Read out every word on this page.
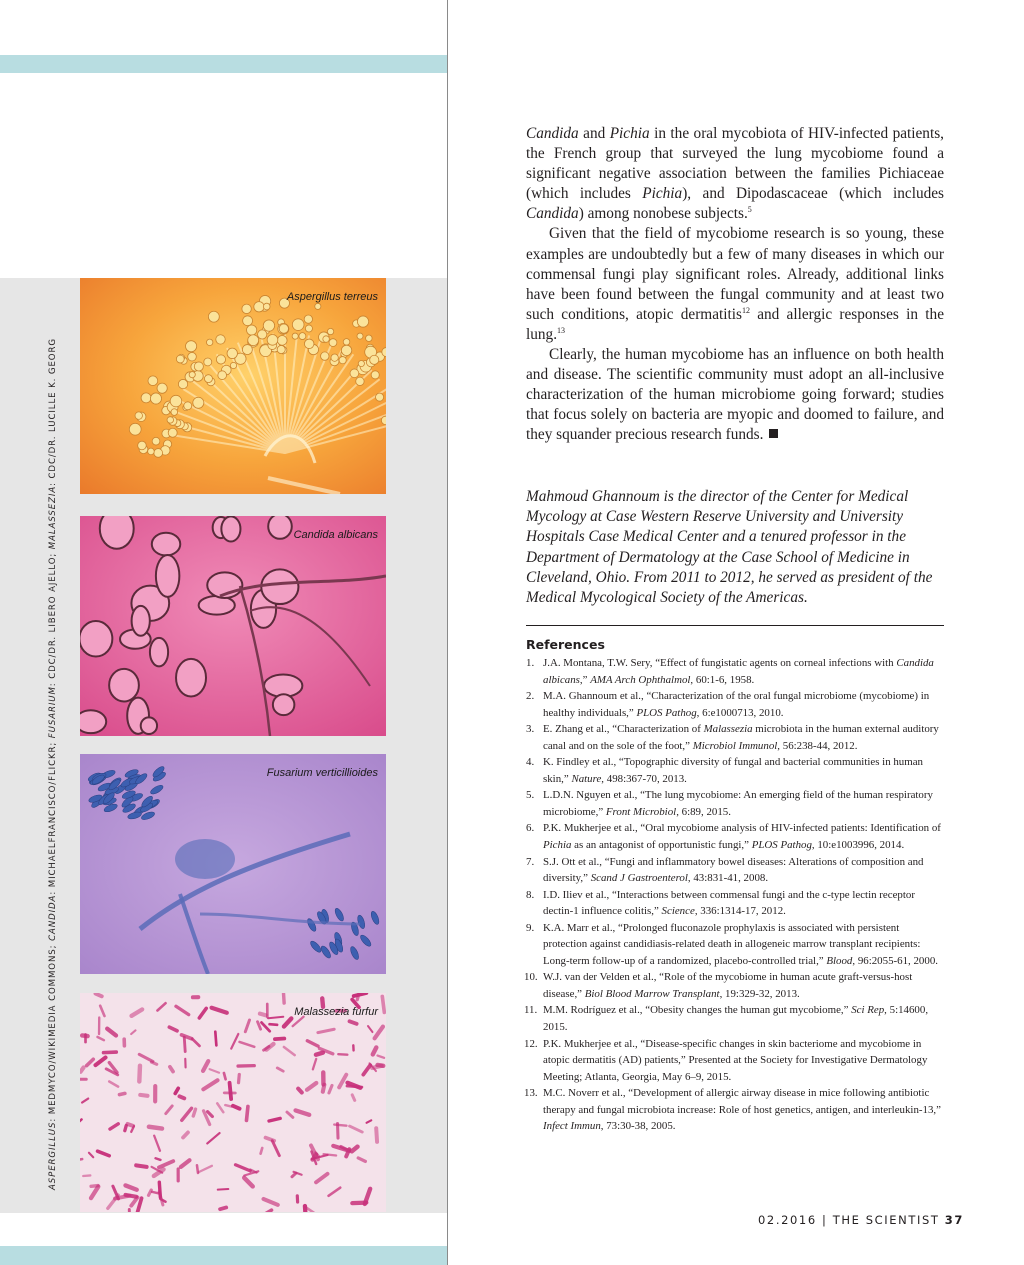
ASPERGILLUS: MEDMYCO/WIKIMEDIA COMMONS; CANDIDA: MICHAELFRANCISCO/FLICKR; FUSARIUM: CDC/DR. LIBERO AJELLO; MALASSEZIA: CDC/DR. LUCILLE K. GEORG
Aspergillus terreus
Candida albicans
Fusarium verticillioides
Malassezia furfur

Candida and Pichia in the oral mycobiota of HIV-infected patients, the French group that surveyed the lung mycobiome found a significant negative association between the families Pichiaceae (which includes Pichia), and Dipodascaceae (which includes Candida) among nonobese subjects.$^5$

Given that the field of mycobiome research is so young, these examples are undoubtedly but a few of many diseases in which our commensal fungi play significant roles. Already, additional links have been found between the fungal community and at least two such conditions, atopic dermatitis$^{12}$ and allergic responses in the lung.$^{13}$

Clearly, the human mycobiome has an influence on both health and disease. The scientific community must adopt an all-inclusive characterization of the human microbiome going forward; studies that focus solely on bacteria are myopic and doomed to failure, and they squander precious research funds.

Mahmoud Ghannoum is the director of the Center for Medical Mycology at Case Western Reserve University and University Hospitals Case Medical Center and a tenured professor in the Department of Dermatology at the Case School of Medicine in Cleveland, Ohio. From 2011 to 2012, he served as president of the Medical Mycological Society of the Americas.
References
1. J.A. Montana, T.W. Sery, “Effect of fungistatic agents on corneal infections with Candida albicans,” AMA Arch Ophthalmol, 60:1-6, 1958.
2. M.A. Ghannoum et al., “Characterization of the oral fungal microbiome (mycobiome) in healthy individuals,” PLOS Pathog, 6:e1000713, 2010.
3. E. Zhang et al., “Characterization of Malassezia microbiota in the human external auditory canal and on the sole of the foot,” Microbiol Immunol, 56:238-44, 2012.
4. K. Findley et al., “Topographic diversity of fungal and bacterial communities in human skin,” Nature, 498:367-70, 2013.
5. L.D.N. Nguyen et al., “The lung mycobiome: An emerging field of the human respiratory microbiome,” Front Microbiol, 6:89, 2015.
6. P.K. Mukherjee et al., “Oral mycobiome analysis of HIV-infected patients: Identification of Pichia as an antagonist of opportunistic fungi,” PLOS Pathog, 10:e1003996, 2014.
7. S.J. Ott et al., “Fungi and inflammatory bowel diseases: Alterations of composition and diversity,” Scand J Gastroenterol, 43:831-41, 2008.
8. I.D. Iliev et al., “Interactions between commensal fungi and the c-type lectin receptor dectin-1 influence colitis,” Science, 336:1314-17, 2012.
9. K.A. Marr et al., “Prolonged fluconazole prophylaxis is associated with persistent protection against candidiasis-related death in allogeneic marrow transplant recipients: Long-term follow-up of a randomized, placebo-controlled trial,” Blood, 96:2055-61, 2000.
10. W.J. van der Velden et al., “Role of the mycobiome in human acute graft-versus-host disease,” Biol Blood Marrow Transplant, 19:329-32, 2013.
11. M.M. Rodríguez et al., “Obesity changes the human gut mycobiome,” Sci Rep, 5:14600, 2015.
12. P.K. Mukherjee et al., “Disease-specific changes in skin bacteriome and mycobiome in atopic dermatitis (AD) patients,” Presented at the Society for Investigative Dermatology Meeting; Atlanta, Georgia, May 6–9, 2015.
13. M.C. Noverr et al., “Development of allergic airway disease in mice following antibiotic therapy and fungal microbiota increase: Role of host genetics, antigen, and interleukin-13,” Infect Immun, 73:30-38, 2005.
02.2016 | THE SCIENTIST 37
